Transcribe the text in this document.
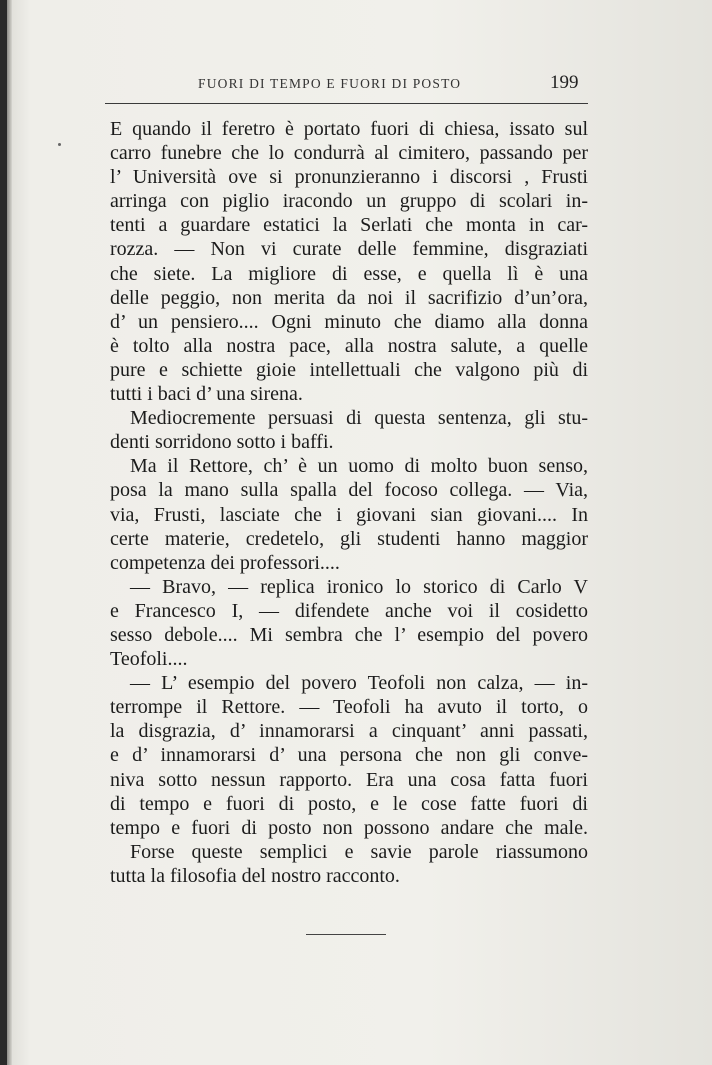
FUORI DI TEMPO E FUORI DI POSTO	199
E quando il feretro è portato fuori di chiesa, issato sul
carro funebre che lo condurrà al cimitero, passando per
l’ Università ove si pronunzieranno i discorsi , Frusti
arringa con piglio iracondo un gruppo di scolari in-
tenti a guardare estatici la Serlati che monta in car-
rozza. — Non vi curate delle femmine, disgraziati
che siete. La migliore di esse, e quella lì è una
delle peggio, non merita da noi il sacrifizio d’un’ora,
d’ un pensiero.... Ogni minuto che diamo alla donna
è tolto alla nostra pace, alla nostra salute, a quelle
pure e schiette gioie intellettuali che valgono più di
tutti i baci d’ una sirena.
Mediocremente persuasi di questa sentenza, gli stu-
denti sorridono sotto i baffi.
Ma il Rettore, ch’ è un uomo di molto buon senso,
posa la mano sulla spalla del focoso collega. — Via,
via, Frusti, lasciate che i giovani sian giovani.... In
certe materie, credetelo, gli studenti hanno maggior
competenza dei professori....
— Bravo, — replica ironico lo storico di Carlo V
e Francesco I, — difendete anche voi il cosidetto
sesso debole.... Mi sembra che l’ esempio del povero
Teofoli....
— L’ esempio del povero Teofoli non calza, — in-
terrompe il Rettore. — Teofoli ha avuto il torto, o
la disgrazia, d’ innamorarsi a cinquant’ anni passati,
e d’ innamorarsi d’ una persona che non gli conve-
niva sotto nessun rapporto. Era una cosa fatta fuori
di tempo e fuori di posto, e le cose fatte fuori di
tempo e fuori di posto non possono andare che male.
Forse queste semplici e savie parole riassumono
tutta la filosofia del nostro racconto.
